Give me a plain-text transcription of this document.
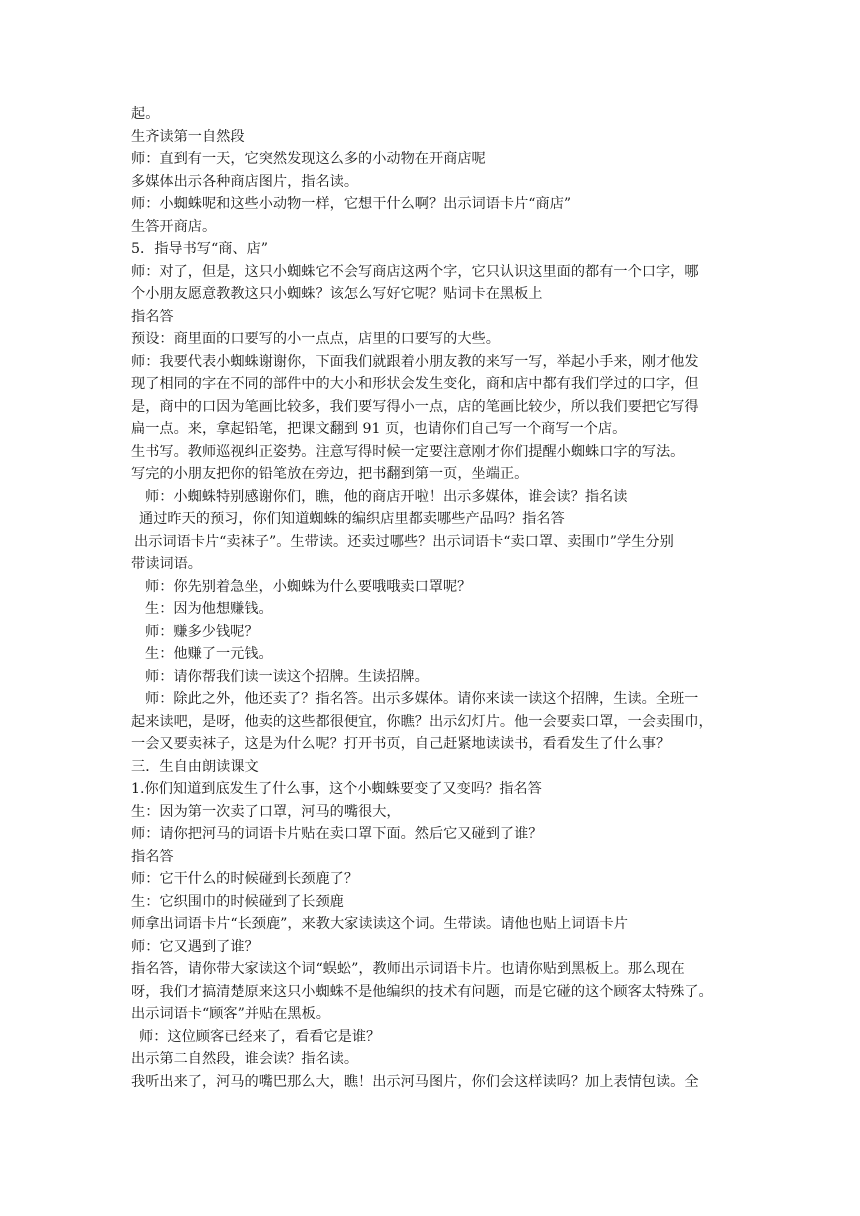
起。
生齐读第一自然段
师：直到有一天，它突然发现这么多的小动物在开商店呢
多媒体出示各种商店图片，指名读。
师：小蜘蛛呢和这些小动物一样，它想干什么啊？出示词语卡片“商店”
生答开商店。
5．指导书写“商、店”
师：对了，但是，这只小蜘蛛它不会写商店这两个字，它只认识这里面的都有一个口字，哪
个小朋友愿意教教这只小蜘蛛？该怎么写好它呢？贴词卡在黑板上
指名答
预设：商里面的口要写的小一点点，店里的口要写的大些。
师：我要代表小蜘蛛谢谢你，下面我们就跟着小朋友教的来写一写，举起小手来，刚才他发
现了相同的字在不同的部件中的大小和形状会发生变化，商和店中都有我们学过的口字，但
是，商中的口因为笔画比较多，我们要写得小一点，店的笔画比较少，所以我们要把它写得
扁一点。来，拿起铅笔，把课文翻到 91 页，也请你们自己写一个商写一个店。
生书写。教师巡视纠正姿势。注意写得时候一定要注意刚才你们提醒小蜘蛛口字的写法。
写完的小朋友把你的铅笔放在旁边，把书翻到第一页，坐端正。
师：小蜘蛛特别感谢你们，瞧，他的商店开啦！出示多媒体，谁会读？指名读
通过昨天的预习，你们知道蜘蛛的编织店里都卖哪些产品吗？指名答
出示词语卡片“卖袜子”。生带读。还卖过哪些？出示词语卡“卖口罩、卖围巾”学生分别
带读词语。
师：你先别着急坐，小蜘蛛为什么要哦哦卖口罩呢？
生：因为他想赚钱。
师：赚多少钱呢？
生：他赚了一元钱。
师：请你帮我们读一读这个招牌。生读招牌。
师：除此之外，他还卖了？指名答。出示多媒体。请你来读一读这个招牌，生读。全班一
起来读吧，是呀，他卖的这些都很便宜，你瞧？出示幻灯片。他一会要卖口罩，一会卖围巾，
一会又要卖袜子，这是为什么呢？打开书页，自己赶紧地读读书，看看发生了什么事？
三．生自由朗读课文
1.你们知道到底发生了什么事，这个小蜘蛛要变了又变吗？指名答
生：因为第一次卖了口罩，河马的嘴很大，
师：请你把河马的词语卡片贴在卖口罩下面。然后它又碰到了谁？
指名答
师：它干什么的时候碰到长颈鹿了？
生：它织围巾的时候碰到了长颈鹿
师拿出词语卡片“长颈鹿”，来教大家读读这个词。生带读。请他也贴上词语卡片
师：它又遇到了谁？
指名答，请你带大家读这个词“蜈蚣”，教师出示词语卡片。也请你贴到黑板上。那么现在
呀，我们才搞清楚原来这只小蜘蛛不是他编织的技术有问题，而是它碰的这个顾客太特殊了。
出示词语卡“顾客”并贴在黑板。
师：这位顾客已经来了，看看它是谁？
出示第二自然段，谁会读？指名读。
我听出来了，河马的嘴巴那么大，瞧！出示河马图片，你们会这样读吗？加上表情包读。全
